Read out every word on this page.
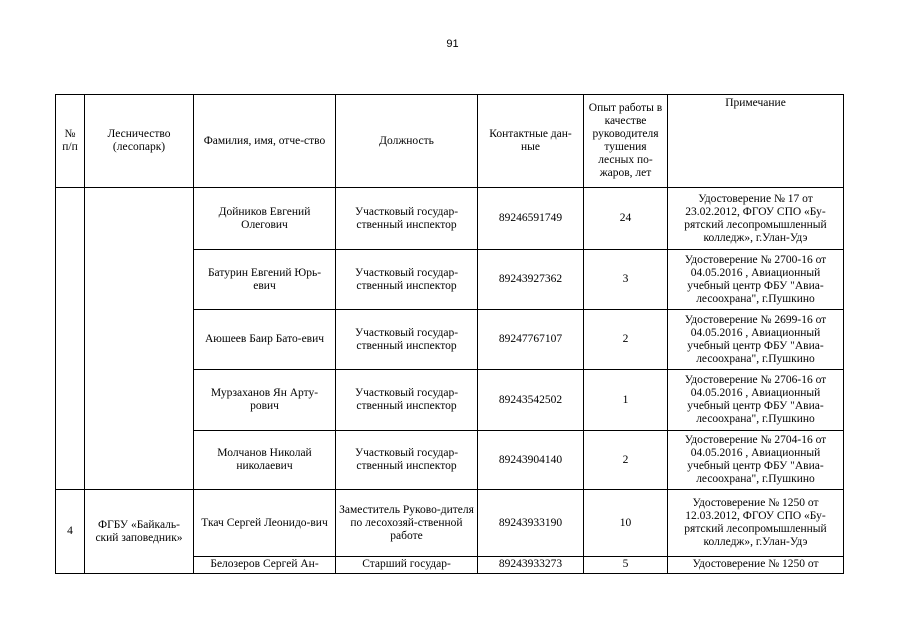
91
№ п/п	Лесничество (лесопарк)	Фамилия, имя, отче-ство	Должность	Контактные дан-ные	Опыт работы в качестве руководителя тушения лесных по-жаров, лет	Примечание
		Дойников Евгений Олегович	Участковый государ-ственный инспектор	89246591749	24	Удостоверение № 17 от 23.02.2012, ФГОУ СПО «Бу-рятский лесопромышленный колледж», г.Улан-Удэ
		Батурин Евгений Юрь-евич	Участковый государ-ственный инспектор	89243927362	3	Удостоверение № 2700-16 от 04.05.2016 , Авиационный учебный центр ФБУ "Авиа-лесоохрана", г.Пушкино
		Аюшеев Баир Бато-евич	Участковый государ-ственный инспектор	89247767107	2	Удостоверение № 2699-16 от 04.05.2016 , Авиационный учебный центр ФБУ "Авиа-лесоохрана", г.Пушкино
		Мурзаханов Ян Арту-рович	Участковый государ-ственный инспектор	89243542502	1	Удостоверение № 2706-16 от 04.05.2016 , Авиационный учебный центр ФБУ "Авиа-лесоохрана", г.Пушкино
		Молчанов Николай николаевич	Участковый государ-ственный инспектор	89243904140	2	Удостоверение № 2704-16 от 04.05.2016 , Авиационный учебный центр ФБУ "Авиа-лесоохрана", г.Пушкино
4	ФГБУ «Байкаль-ский заповедник»	Ткач Сергей Леонидо-вич	Заместитель Руково-дителя по лесохозяй-ственной работе	89243933190	10	Удостоверение № 1250 от 12.03.2012, ФГОУ СПО «Бу-рятский лесопромышленный колледж», г.Улан-Удэ
		Белозеров Сергей Ан-	Старший государ-	89243933273	5	Удостоверение № 1250 от
